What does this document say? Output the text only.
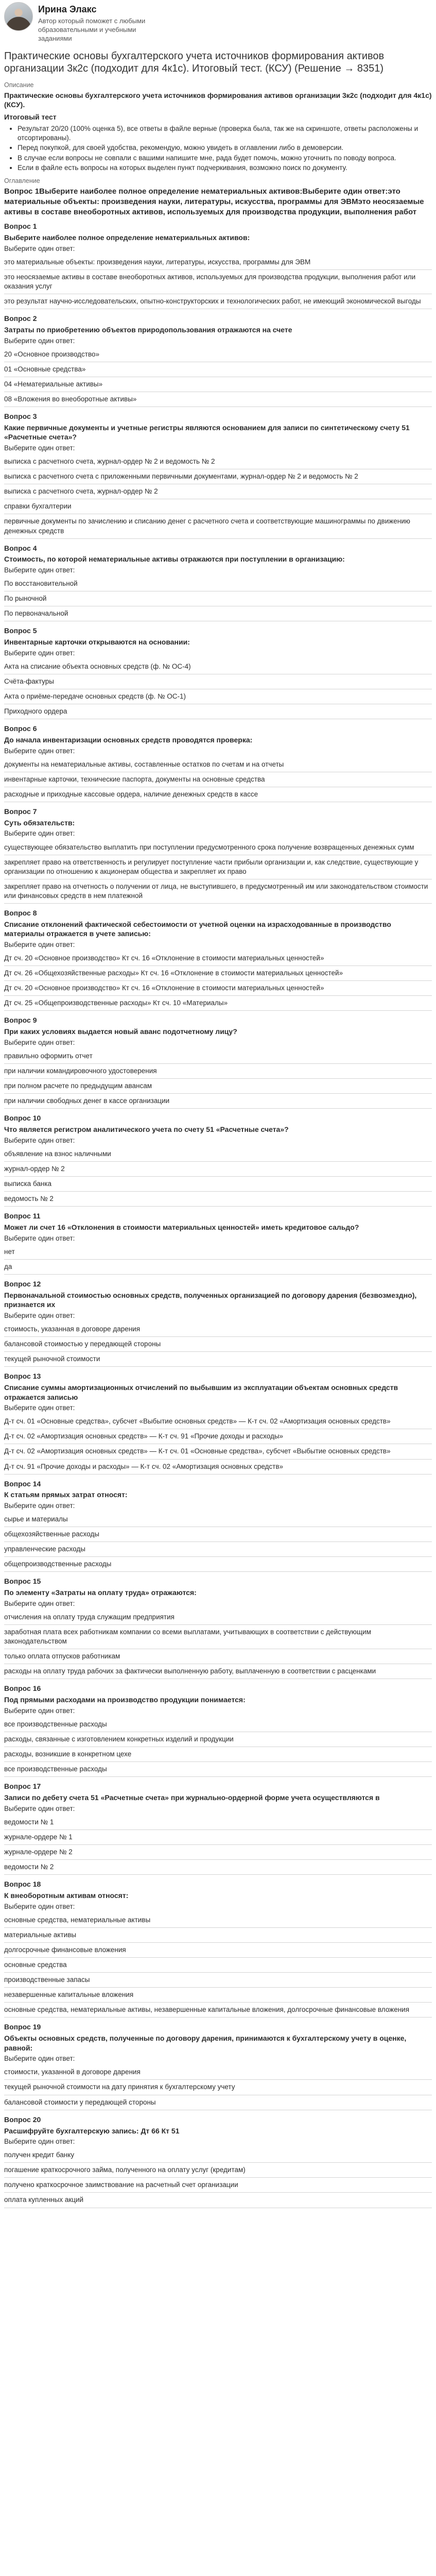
Ирина Элакс
Автор который поможет с любыми образовательными и учебными заданиями
Практические основы бухгалтерского учета источников формирования активов организации 3к2с (подходит для 4к1с). Итоговый тест. (КСУ) (Решение → 8351)
Описание
Практические основы бухгалтерского учета источников формирования активов организации 3к2с (подходит для 4к1с) (КСУ).
Итоговый тест
• Результат 20/20 (100% оценка 5), все ответы в файле верные (проверка была, так же на скриншоте, ответы расположены и отсортированы).
• Перед покупкой, для своей удобства, рекомендую, можно увидеть в оглавлении либо в демоверсии.
• В случае если вопросы не совпали с вашими напишите мне, рада будет помочь, можно уточнить по поводу вопроса.
• Если в файле есть вопросы на которых выделен пункт подчеркивания, возможно поиск по документу.
Оглавление
Вопрос 1Выберите наиболее полное определение нематериальных активов:Выберите один ответ:это материальные объекты: произведения науки, литературы, искусства, программы для ЭВМэто неосязаемые активы в составе внеоборотных активов, используемых для производства продукции, выполнения работ
Вопрос 1
Выберите наиболее полное определение нематериальных активов:
Выберите один ответ:
это материальные объекты: произведения науки, литературы, искусства, программы для ЭВМ
это неосязаемые активы в составе внеоборотных активов, используемых для производства продукции, выполнения работ или оказания услуг
это результат научно-исследовательских, опытно-конструкторских и технологических работ, не имеющий экономической выгоды
Вопрос 2
Затраты по приобретению объектов природопользования отражаются на счете
Выберите один ответ:
20 «Основное производство»
01 «Основные средства»
04 «Нематериальные активы»
08 «Вложения во внеоборотные активы»
Вопрос 3
Какие первичные документы и учетные регистры являются основанием для записи по синтетическому счету 51 «Расчетные счета»?
Выберите один ответ:
выписка с расчетного счета, журнал-ордер № 2 и ведомость № 2
выписка с расчетного счета с приложенными первичными документами, журнал-ордер № 2 и ведомость № 2
выписка с расчетного счета, журнал-ордер № 2
справки бухгалтерии
первичные документы по зачислению и списанию денег с расчетного счета и соответствующие машинограммы по движению денежных средств
Вопрос 4
Стоимость, по которой нематериальные активы отражаются при поступлении в организацию:
Выберите один ответ:
По восстановительной
По рыночной
По первоначальной
Вопрос 5
Инвентарные карточки открываются на основании:
Выберите один ответ:
Акта на списание объекта основных средств (ф. № ОС-4)
Счёта-фактуры
Акта о приёме-передаче основных средств (ф. № ОС-1)
Приходного ордера
Вопрос 6
До начала инвентаризации основных средств проводятся проверка:
Выберите один ответ:
документы на нематериальные активы, составленные остатков по счетам и на отчеты
инвентарные карточки, технические паспорта, документы на основные средства
расходные и приходные кассовые ордера, наличие денежных средств в кассе
Вопрос 7
Суть обязательств:
Выберите один ответ:
существующее обязательство выплатить при поступлении предусмотренного срока получение возвращенных денежных сумм
закрепляет право на ответственность и регулирует поступление части прибыли организации и, как следствие, существующие у организации по отношению к акционерам общества и закрепляет их право
закрепляет право на отчетность о получении от лица, не выступившего, в предусмотренный им или законодательством стоимости или финансовых средств в нем платежной
Вопрос 8
Списание отклонений фактической себестоимости от учетной оценки на израсходованные в производство материалы отражается в учете записью:
Выберите один ответ:
Дт сч. 20 «Основное производство» Кт сч. 16 «Отклонение в стоимости материальных ценностей»
Дт сч. 26 «Общехозяйственные расходы» Кт сч. 16 «Отклонение в стоимости материальных ценностей»
Дт сч. 20 «Основное производство» Кт сч. 16 «Отклонение в стоимости материальных ценностей»
Дт сч. 25 «Общепроизводственные расходы» Кт сч. 10 «Материалы»
Вопрос 9
При каких условиях выдается новый аванс подотчетному лицу?
Выберите один ответ:
правильно оформить отчет
при наличии командировочного удостоверения
при полном расчете по предыдущим авансам
при наличии свободных денег в кассе организации
Вопрос 10
Что является регистром аналитического учета по счету 51 «Расчетные счета»?
Выберите один ответ:
объявление на взнос наличными
журнал-ордер № 2
выписка банка
ведомость № 2
Вопрос 11
Может ли счет 16 «Отклонения в стоимости материальных ценностей» иметь кредитовое сальдо?
Выберите один ответ:
нет
да
Вопрос 12
Первоначальной стоимостью основных средств, полученных организацией по договору дарения (безвозмездно), признается их
Выберите один ответ:
стоимость, указанная в договоре дарения
балансовой стоимостью у передающей стороны
текущей рыночной стоимости
Вопрос 13
Списание суммы амортизационных отчислений по выбывшим из эксплуатации объектам основных средств отражается записью
Выберите один ответ:
Д-т сч. 01 «Основные средства», субсчет «Выбытие основных средств» — К-т сч. 02 «Амортизация основных средств»
Д-т сч. 02 «Амортизация основных средств» — К-т сч. 91 «Прочие доходы и расходы»
Д-т сч. 02 «Амортизация основных средств» — К-т сч. 01 «Основные средства», субсчет «Выбытие основных средств»
Д-т сч. 91 «Прочие доходы и расходы» — К-т сч. 02 «Амортизация основных средств»
Вопрос 14
К статьям прямых затрат относят:
Выберите один ответ:
сырье и материалы
общехозяйственные расходы
управленческие расходы
общепроизводственные расходы
Вопрос 15
По элементу «Затраты на оплату труда» отражаются:
Выберите один ответ:
отчисления на оплату труда служащим предприятия
заработная плата всех работникам компании со всеми выплатами, учитывающих в соответствии с действующим законодательством
только оплата отпусков работникам
расходы на оплату труда рабочих за фактически выполненную работу, выплаченную в соответствии с расценками
Вопрос 16
Под прямыми расходами на производство продукции понимается:
Выберите один ответ:
все производственные расходы
расходы, связанные с изготовлением конкретных изделий и продукции
расходы, возникшие в конкретном цехе
все производственные расходы
Вопрос 17
Записи по дебету счета 51 «Расчетные счета» при журнально-ордерной форме учета осуществляются в
Выберите один ответ:
ведомости № 1
журнале-ордере № 1
журнале-ордере № 2
ведомости № 2
Вопрос 18
К внеоборотным активам относят:
Выберите один ответ:
основные средства, нематериальные активы
материальные активы
долгосрочные финансовые вложения
основные средства
производственные запасы
незавершенные капитальные вложения
основные средства, нематериальные активы, незавершенные капитальные вложения, долгосрочные финансовые вложения
Вопрос 19
Объекты основных средств, полученные по договору дарения, принимаются к бухгалтерскому учету в оценке, равной:
Выберите один ответ:
стоимости, указанной в договоре дарения
текущей рыночной стоимости на дату принятия к бухгалтерскому учету
балансовой стоимости у передающей стороны
Вопрос 20
Расшифруйте бухгалтерскую запись: Дт 66 Кт 51
Выберите один ответ:
получен кредит банку
погашение краткосрочного займа, полученного на оплату услуг (кредитам)
получено краткосрочное заимствование на расчетный счет организации
оплата купленных акций
